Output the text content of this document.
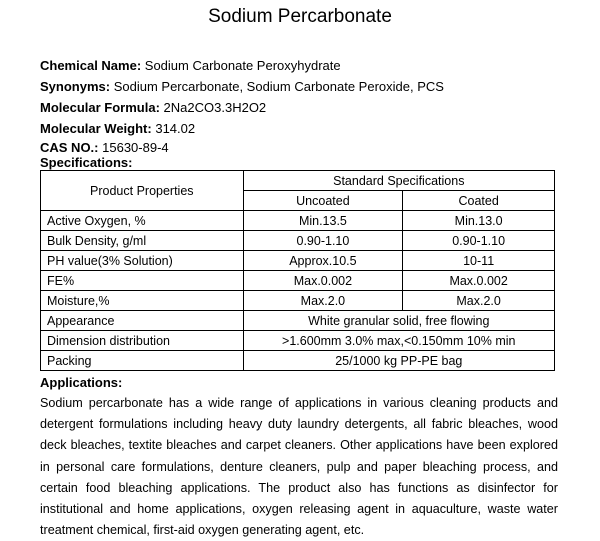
Sodium Percarbonate
Chemical Name: Sodium Carbonate Peroxyhydrate
Synonyms: Sodium Percarbonate, Sodium Carbonate Peroxide, PCS
Molecular Formula: 2Na2CO3.3H2O2
Molecular Weight: 314.02
CAS NO.: 15630-89-4
Specifications:
Product Properties	Standard Specifications	
	Uncoated	Coated
Active Oxygen, %	Min.13.5	Min.13.0
Bulk Density, g/ml	0.90-1.10	0.90-1.10
PH value(3% Solution)	Approx.10.5	10-11
FE%	Max.0.002	Max.0.002
Moisture,%	Max.2.0	Max.2.0
Appearance	White granular solid, free flowing	
Dimension distribution	>1.600mm 3.0% max,<0.150mm 10% min	
Packing	25/1000 kg PP-PE bag	
Applications:
Sodium percarbonate has a wide range of applications in various cleaning products and detergent formulations including heavy duty laundry detergents, all fabric bleaches, wood deck bleaches, textite bleaches and carpet cleaners. Other applications have been explored in personal care formulations, denture cleaners, pulp and paper bleaching process, and certain food bleaching applications. The product also has functions as disinfector for institutional and home applications, oxygen releasing agent in aquaculture, waste water treatment chemical, first-aid oxygen generating agent, etc.
